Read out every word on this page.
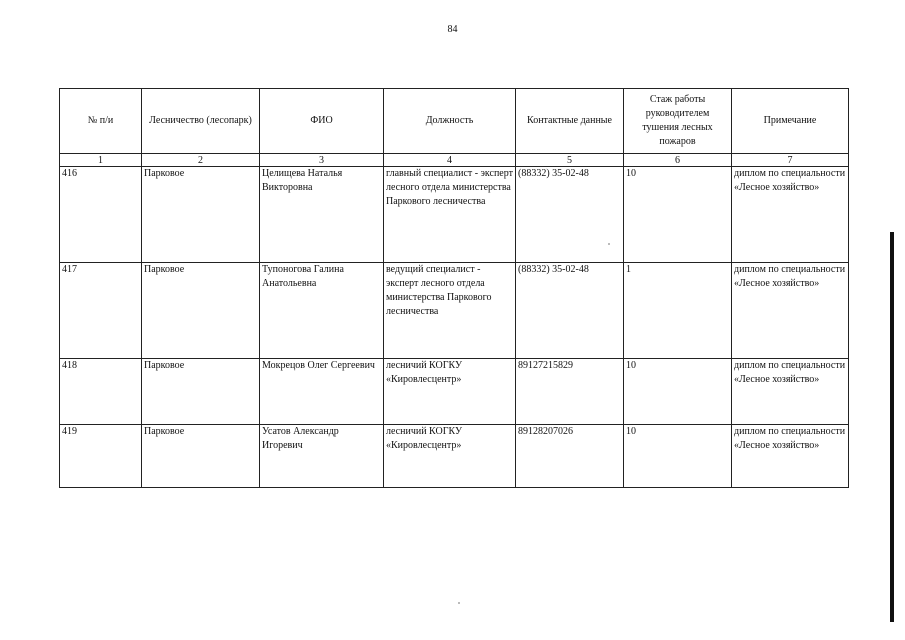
84
№ п/и	Лесничество (лесопарк)	ФИО	Должность	Контактные данные	Стаж работы руководителем тушения лесных пожаров	Примечание
1	2	3	4	5	6	7
416	Парковое	Целищева Наталья Викторовна	главный специалист - эксперт лесного отдела министерства Паркового лесничества	(88332) 35-02-48	10	диплом по специальности «Лесное хозяйство»
417	Парковое	Тупоногова Галина Анатольевна	ведущий специалист - эксперт лесного отдела министерства Паркового лесничества	(88332) 35-02-48	1	диплом по специальности «Лесное хозяйство»
418	Парковое	Мокрецов Олег Сергеевич	лесничий КОГКУ «Кировлесцентр»	89127215829	10	диплом по специальности «Лесное хозяйство»
419	Парковое	Усатов Александр Игоревич	лесничий КОГКУ «Кировлесцентр»	89128207026	10	диплом по специальности «Лесное хозяйство»
